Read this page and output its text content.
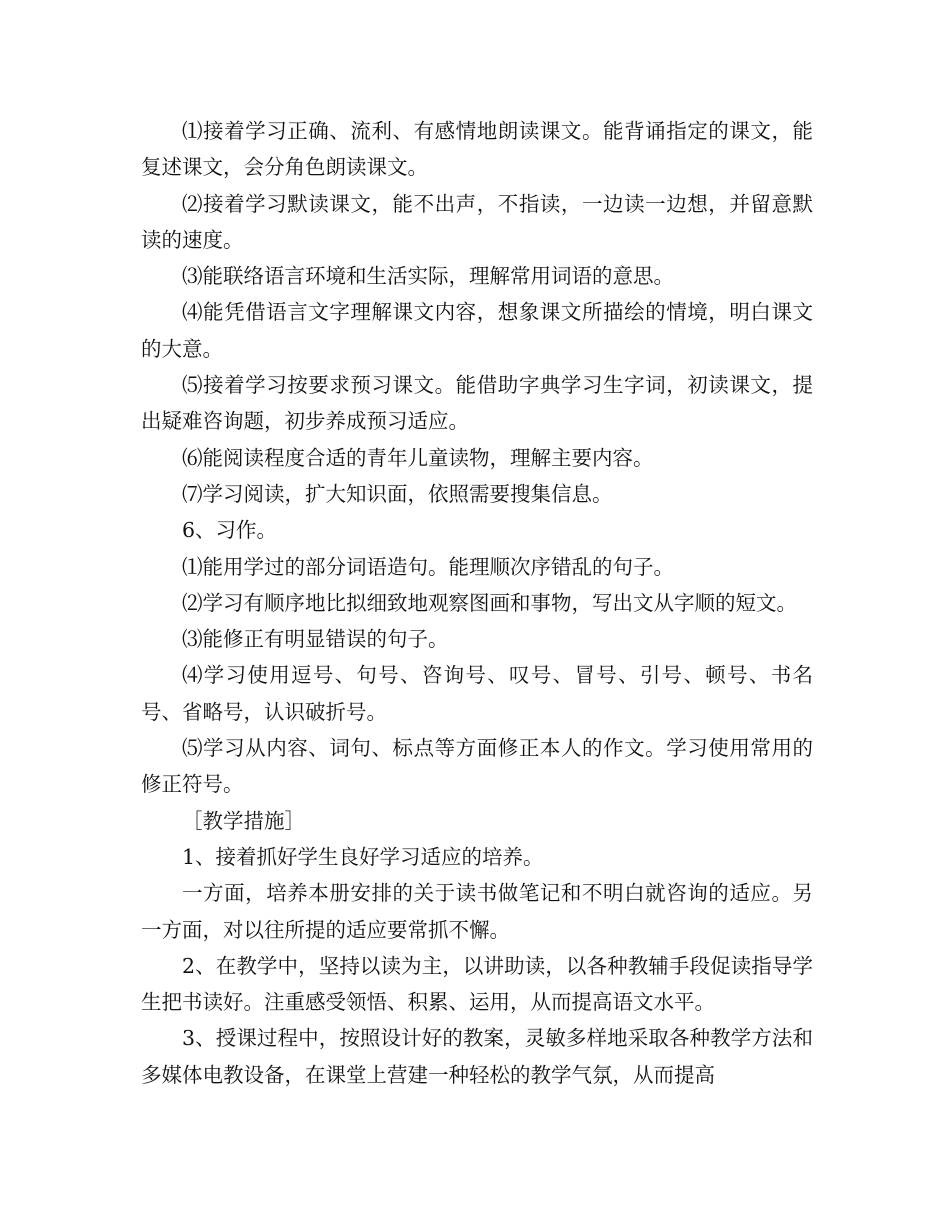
⑴接着学习正确、流利、有感情地朗读课文。能背诵指定的课文，能复述课文，会分角色朗读课文。

⑵接着学习默读课文，能不出声，不指读，一边读一边想，并留意默读的速度。

⑶能联络语言环境和生活实际，理解常用词语的意思。

⑷能凭借语言文字理解课文内容，想象课文所描绘的情境，明白课文的大意。

⑸接着学习按要求预习课文。能借助字典学习生字词，初读课文，提出疑难咨询题，初步养成预习适应。

⑹能阅读程度合适的青年儿童读物，理解主要内容。

⑺学习阅读，扩大知识面，依照需要搜集信息。

6、习作。

⑴能用学过的部分词语造句。能理顺次序错乱的句子。

⑵学习有顺序地比拟细致地观察图画和事物，写出文从字顺的短文。

⑶能修正有明显错误的句子。

⑷学习使用逗号、句号、咨询号、叹号、冒号、引号、顿号、书名号、省略号，认识破折号。

⑸学习从内容、词句、标点等方面修正本人的作文。学习使用常用的修正符号。

［教学措施］

1、接着抓好学生良好学习适应的培养。

一方面，培养本册安排的关于读书做笔记和不明白就咨询的适应。另一方面，对以往所提的适应要常抓不懈。

2、在教学中，坚持以读为主，以讲助读，以各种教辅手段促读指导学生把书读好。注重感受领悟、积累、运用，从而提高语文水平。

3、授课过程中，按照设计好的教案，灵敏多样地采取各种教学方法和多媒体电教设备，在课堂上营建一种轻松的教学气氛，从而提高
